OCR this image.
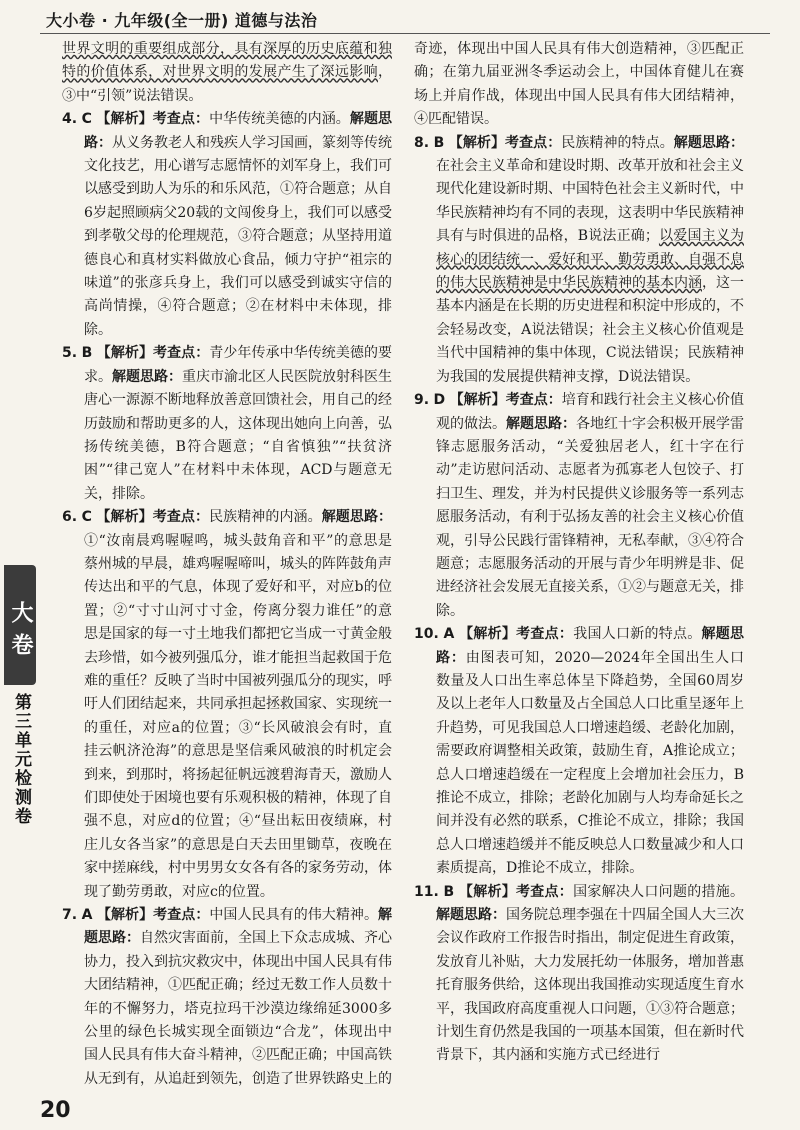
大小卷 · 九年级(全一册) 道德与法治

世界文明的重要组成部分，具有深厚的历史底蕴和独特的价值体系，对世界文明的发展产生了深远影响，③中“引领”说法错误。

4. C 【解析】考查点：中华传统美德的内涵。解题思路：从义务教老人和残疾人学习国画，篆刻等传统文化技艺，用心谱写志愿情怀的刘军身上，我们可以感受到助人为乐的和乐风范，①符合题意；从自6岁起照顾病父20载的文闯俊身上，我们可以感受到孝敬父母的伦理规范，③符合题意；从坚持用道德良心和真材实料做放心食品，倾力守护“祖宗的味道”的张彦兵身上，我们可以感受到诚实守信的高尚情操，④符合题意；②在材料中未体现，排除。

5. B 【解析】考查点：青少年传承中华传统美德的要求。解题思路：重庆市渝北区人民医院放射科医生唐心一源源不断地释放善意回馈社会，用自己的经历鼓励和帮助更多的人，这体现出她向上向善，弘扬传统美德，B符合题意；“自省慎独”“扶贫济困”“律己宽人”在材料中未体现，ACD与题意无关，排除。

6. C 【解析】考查点：民族精神的内涵。解题思路：①“汝南晨鸡喔喔鸣，城头鼓角音和平”的意思是蔡州城的早晨，雄鸡喔喔啼叫，城头的阵阵鼓角声传达出和平的气息，体现了爱好和平，对应b的位置；②“寸寸山河寸寸金，侉离分裂力谁任”的意思是国家的每一寸土地我们都把它当成一寸黄金般去珍惜，如今被列强瓜分，谁才能担当起救国于危难的重任？反映了当时中国被列强瓜分的现实，呼吁人们团结起来，共同承担起拯救国家、实现统一的重任，对应a的位置；③“长风破浪会有时，直挂云帆济沧海”的意思是坚信乘风破浪的时机定会到来，到那时，将扬起征帆远渡碧海青天，激励人们即使处于困境也要有乐观积极的精神，体现了自强不息，对应d的位置；④“昼出耘田夜绩麻，村庄儿女各当家”的意思是白天去田里锄草，夜晚在家中搓麻线，村中男男女女各有各的家务劳动，体现了勤劳勇敢，对应c的位置。

7. A 【解析】考查点：中国人民具有的伟大精神。解题思路：自然灾害面前，全国上下众志成城、齐心协力，投入到抗灾救灾中，体现出中国人民具有伟大团结精神，①匹配正确；经过无数工作人员数十年的不懈努力，塔克拉玛干沙漠边缘绵延3000多公里的绿色长城实现全面锁边“合龙”，体现出中国人民具有伟大奋斗精神，②匹配正确；中国高铁从无到有，从追赶到领先，创造了世界铁路史上的

奇迹，体现出中国人民具有伟大创造精神，③匹配正确；在第九届亚洲冬季运动会上，中国体育健儿在赛场上并肩作战，体现出中国人民具有伟大团结精神，④匹配错误。

8. B 【解析】考查点：民族精神的特点。解题思路：在社会主义革命和建设时期、改革开放和社会主义现代化建设新时期、中国特色社会主义新时代，中华民族精神均有不同的表现，这表明中华民族精神具有与时俱进的品格，B说法正确；以爱国主义为核心的团结统一、爱好和平、勤劳勇敢、自强不息的伟大民族精神是中华民族精神的基本内涵，这一基本内涵是在长期的历史进程和积淀中形成的，不会轻易改变，A说法错误；社会主义核心价值观是当代中国精神的集中体现，C说法错误；民族精神为我国的发展提供精神支撑，D说法错误。

9. D 【解析】考查点：培育和践行社会主义核心价值观的做法。解题思路：各地红十字会积极开展学雷锋志愿服务活动，“关爱独居老人，红十字在行动”走访慰问活动、志愿者为孤寡老人包饺子、打扫卫生、理发，并为村民提供义诊服务等一系列志愿服务活动，有利于弘扬友善的社会主义核心价值观，引导公民践行雷锋精神，无私奉献，③④符合题意；志愿服务活动的开展与青少年明辨是非、促进经济社会发展无直接关系，①②与题意无关，排除。

10. A 【解析】考查点：我国人口新的特点。解题思路：由图表可知，2020—2024年全国出生人口数量及人口出生率总体呈下降趋势，全国60周岁及以上老年人口数量及占全国总人口比重呈逐年上升趋势，可见我国总人口增速趋缓、老龄化加剧，需要政府调整相关政策，鼓励生育，A推论成立；总人口增速趋缓在一定程度上会增加社会压力，B推论不成立，排除；老龄化加剧与人均寿命延长之间并没有必然的联系，C推论不成立，排除；我国总人口增速趋缓并不能反映总人口数量减少和人口素质提高，D推论不成立，排除。

11. B 【解析】考查点：国家解决人口问题的措施。解题思路：国务院总理李强在十四届全国人大三次会议作政府工作报告时指出，制定促进生育政策，发放育儿补贴，大力发展托幼一体服务，增加普惠托育服务供给，这体现出我国推动实现适度生育水平，我国政府高度重视人口问题，①③符合题意；计划生育仍然是我国的一项基本国策，但在新时代背景下，其内涵和实施方式已经进行

大卷
第三单元检测卷
20
